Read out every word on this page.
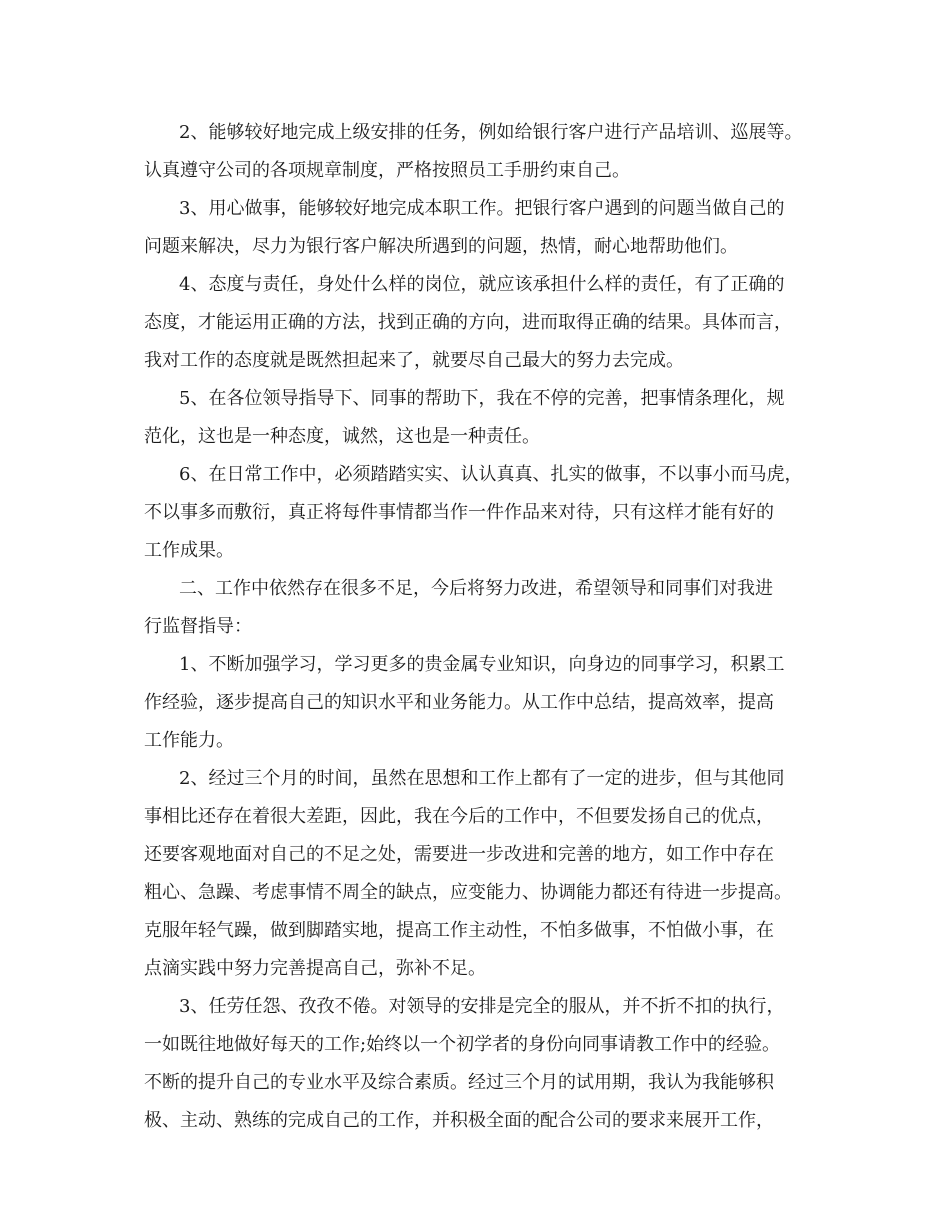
2、能够较好地完成上级安排的任务，例如给银行客户进行产品培训、巡展等。
认真遵守公司的各项规章制度，严格按照员工手册约束自己。
3、用心做事，能够较好地完成本职工作。把银行客户遇到的问题当做自己的
问题来解决，尽力为银行客户解决所遇到的问题，热情，耐心地帮助他们。
4、态度与责任，身处什么样的岗位，就应该承担什么样的责任，有了正确的
态度，才能运用正确的方法，找到正确的方向，进而取得正确的结果。具体而言，
我对工作的态度就是既然担起来了，就要尽自己最大的努力去完成。
5、在各位领导指导下、同事的帮助下，我在不停的完善，把事情条理化，规
范化，这也是一种态度，诚然，这也是一种责任。
6、在日常工作中，必须踏踏实实、认认真真、扎实的做事，不以事小而马虎，
不以事多而敷衍，真正将每件事情都当作一件作品来对待，只有这样才能有好的
工作成果。
二、工作中依然存在很多不足，今后将努力改进，希望领导和同事们对我进
行监督指导：
1、不断加强学习，学习更多的贵金属专业知识，向身边的同事学习，积累工
作经验，逐步提高自己的知识水平和业务能力。从工作中总结，提高效率，提高
工作能力。
2、经过三个月的时间，虽然在思想和工作上都有了一定的进步，但与其他同
事相比还存在着很大差距，因此，我在今后的工作中，不但要发扬自己的优点，
还要客观地面对自己的不足之处，需要进一步改进和完善的地方，如工作中存在
粗心、急躁、考虑事情不周全的缺点，应变能力、协调能力都还有待进一步提高。
克服年轻气躁，做到脚踏实地，提高工作主动性，不怕多做事，不怕做小事，在
点滴实践中努力完善提高自己，弥补不足。
3、任劳任怨、孜孜不倦。对领导的安排是完全的服从，并不折不扣的执行，
一如既往地做好每天的工作;始终以一个初学者的身份向同事请教工作中的经验。
不断的提升自己的专业水平及综合素质。经过三个月的试用期，我认为我能够积
极、主动、熟练的完成自己的工作，并积极全面的配合公司的要求来展开工作，
